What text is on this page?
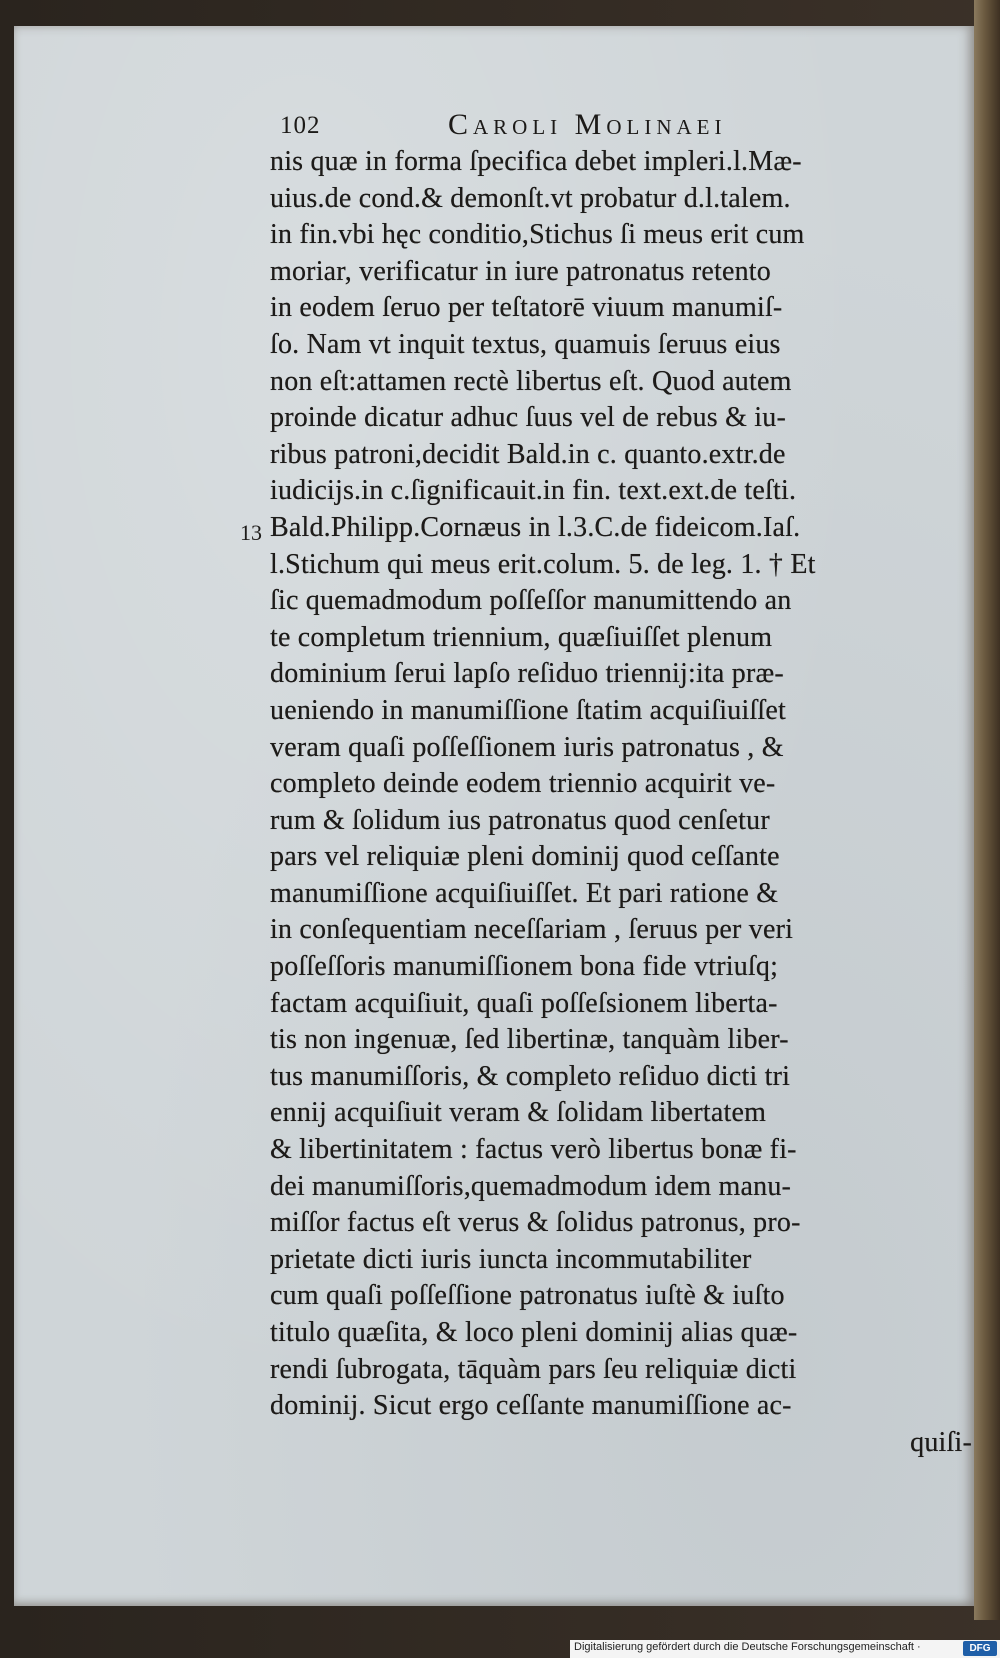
102	Caroli Molinaei
13
nis quæ in forma ſpecifica debet impleri.l.Mæ-
uius.de cond.& demonſt.vt probatur d.l.talem.
in fin.vbi hęc conditio,Stichus ſi meus erit cum
moriar, verificatur in iure patronatus retento
in eodem ſeruo per teſtatorē viuum manumiſ-
ſo. Nam vt inquit textus, quamuis ſeruus eius
non eſt:attamen rectè libertus eſt. Quod autem
proinde dicatur adhuc ſuus vel de rebus & iu-
ribus patroni,decidit Bald.in c. quanto.extr.de
iudicijs.in c.ſignificauit.in fin. text.ext.de teſti.
Bald.Philipp.Cornæus in l.3.C.de fideicom.Iaſ.
l.Stichum qui meus erit.colum. 5. de leg. 1. † Et
ſic quemadmodum poſſeſſor manumittendo an
te completum triennium, quæſiuiſſet plenum
dominium ſerui lapſo reſiduo triennij:ita præ-
ueniendo in manumiſſione ſtatim acquiſiuiſſet
veram quaſi poſſeſſionem iuris patronatus , &
completo deinde eodem triennio acquirit ve-
rum & ſolidum ius patronatus quod cenſetur
pars vel reliquiæ pleni dominij quod ceſſante
manumiſſione acquiſiuiſſet. Et pari ratione &
in conſequentiam neceſſariam , ſeruus per veri
poſſeſſoris manumiſſionem bona fide vtriuſq;
factam acquiſiuit, quaſi poſſeſsionem liberta-
tis non ingenuæ, ſed libertinæ, tanquàm liber-
tus manumiſſoris, & completo reſiduo dicti tri
ennij acquiſiuit veram & ſolidam libertatem
& libertinitatem : factus verò libertus bonæ fi-
dei manumiſſoris,quemadmodum idem manu-
miſſor factus eſt verus & ſolidus patronus, pro-
prietate dicti iuris iuncta incommutabiliter
cum quaſi poſſeſſione patronatus iuſtè & iuſto
titulo quæſita, & loco pleni dominij alias quæ-
rendi ſubrogata, tāquàm pars ſeu reliquiæ dicti
dominij. Sicut ergo ceſſante manumiſſione ac-
quiſi-
Digitalisierung gefördert durch die Deutsche Forschungsgemeinschaft ·	DFG
